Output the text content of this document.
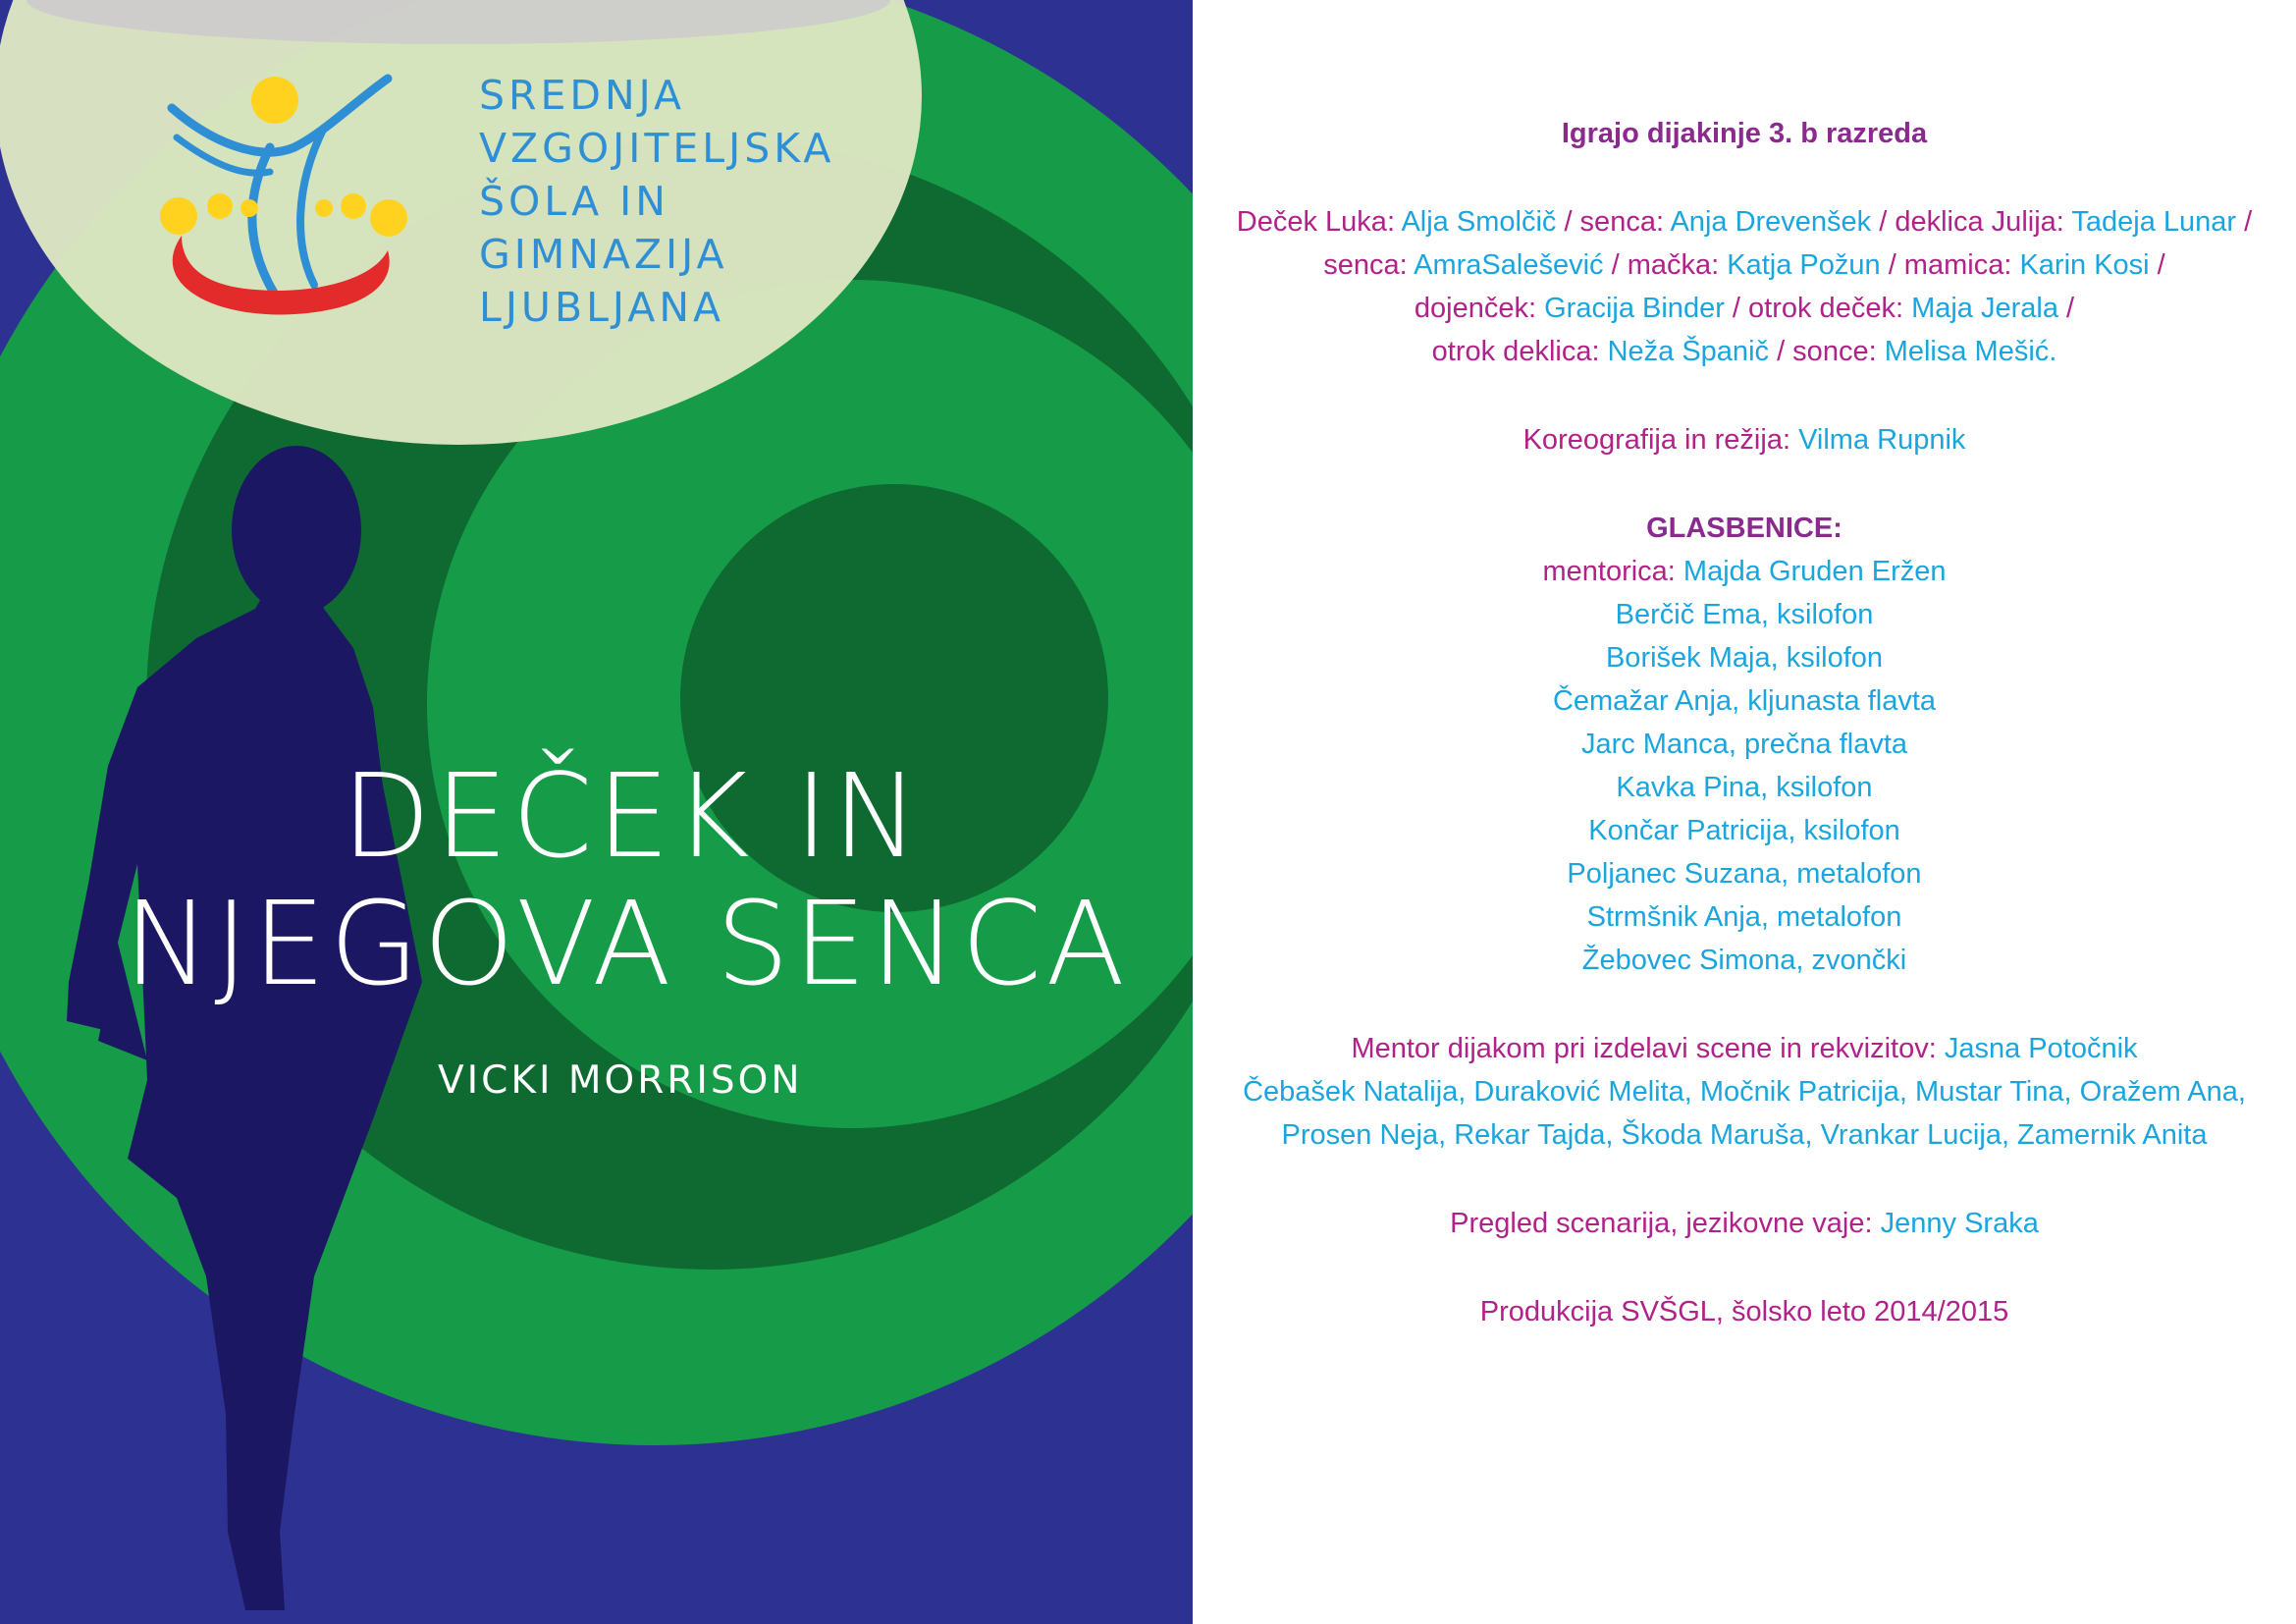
SREDNJA
VZGOJITELJSKA
ŠOLA IN
GIMNAZIJA
LJUBLJANA
DEČEK IN
NJEGOVA SENCA
VICKI MORRISON
Igrajo dijakinje 3. b razreda
Deček Luka: Alja Smolčič / senca: Anja Drevenšek / deklica Julija: Tadeja Lunar /
senca: AmraSalešević / mačka: Katja Požun / mamica: Karin Kosi /
dojenček: Gracija Binder / otrok deček: Maja Jerala /
otrok deklica: Neža Španič / sonce: Melisa Mešić.
Koreografija in režija: Vilma Rupnik
GLASBENICE:
mentorica: Majda Gruden Eržen
Berčič Ema, ksilofon
Borišek Maja, ksilofon
Čemažar Anja, kljunasta flavta
Jarc Manca, prečna flavta
Kavka Pina, ksilofon
Končar Patricija, ksilofon
Poljanec Suzana, metalofon
Strmšnik Anja, metalofon
Žebovec Simona, zvončki
Mentor dijakom pri izdelavi scene in rekvizitov: Jasna Potočnik
Čebašek Natalija, Duraković Melita, Močnik Patricija, Mustar Tina, Oražem Ana,
Prosen Neja, Rekar Tajda, Škoda Maruša, Vrankar Lucija, Zamernik Anita
Pregled scenarija, jezikovne vaje: Jenny Sraka
Produkcija SVŠGL, šolsko leto 2014/2015
